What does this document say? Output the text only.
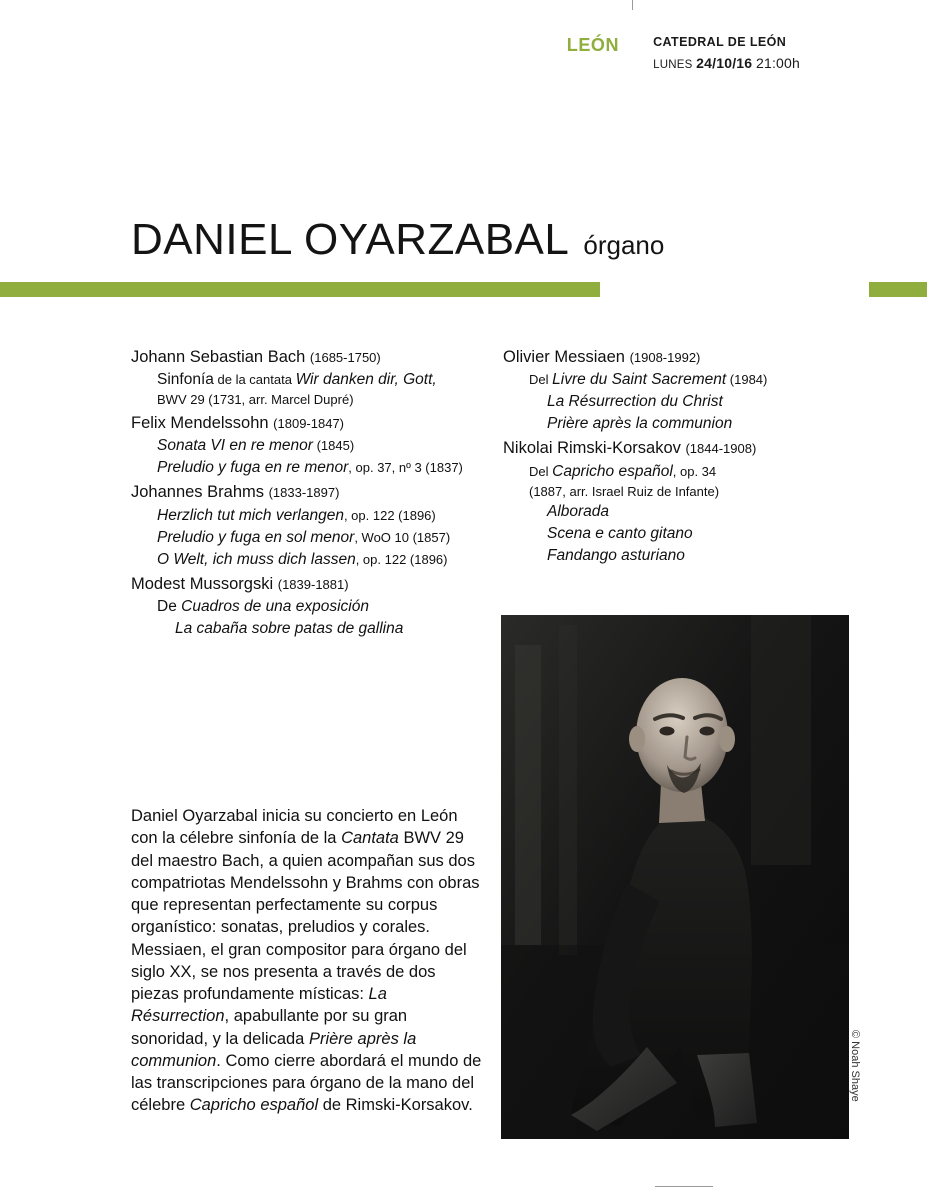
LEÓN	CATEDRAL DE LEÓN
LUNES 24/10/16 21:00h
DANIEL OYARZABAL órgano
Johann Sebastian Bach (1685-1750)
Sinfonía de la cantata Wir danken dir, Gott,
BWV 29 (1731, arr. Marcel Dupré)
Felix Mendelssohn (1809-1847)
Sonata VI en re menor (1845)
Preludio y fuga en re menor, op. 37, nº 3 (1837)
Johannes Brahms (1833-1897)
Herzlich tut mich verlangen, op. 122 (1896)
Preludio y fuga en sol menor, WoO 10 (1857)
O Welt, ich muss dich lassen, op. 122 (1896)
Modest Mussorgski (1839-1881)
De Cuadros de una exposición
La cabaña sobre patas de gallina
Olivier Messiaen (1908-1992)
Del Livre du Saint Sacrement (1984)
La Résurrection du Christ
Prière après la communion
Nikolai Rimski-Korsakov (1844-1908)
Del Capricho español, op. 34
(1887, arr. Israel Ruiz de Infante)
Alborada
Scena e canto gitano
Fandango asturiano
© Noah Shaye
Daniel Oyarzabal inicia su concierto en León con la célebre sinfonía de la Cantata BWV 29 del maestro Bach, a quien acompañan sus dos compatriotas Mendelssohn y Brahms con obras que representan perfectamente su corpus organístico: sonatas, preludios y corales. Messiaen, el gran compositor para órgano del siglo XX, se nos presenta a través de dos piezas profundamente místicas: La Résurrection, apabullante por su gran sonoridad, y la delicada Prière après la communion. Como cierre abordará el mundo de las transcripciones para órgano de la mano del célebre Capricho español de Rimski-Korsakov.
